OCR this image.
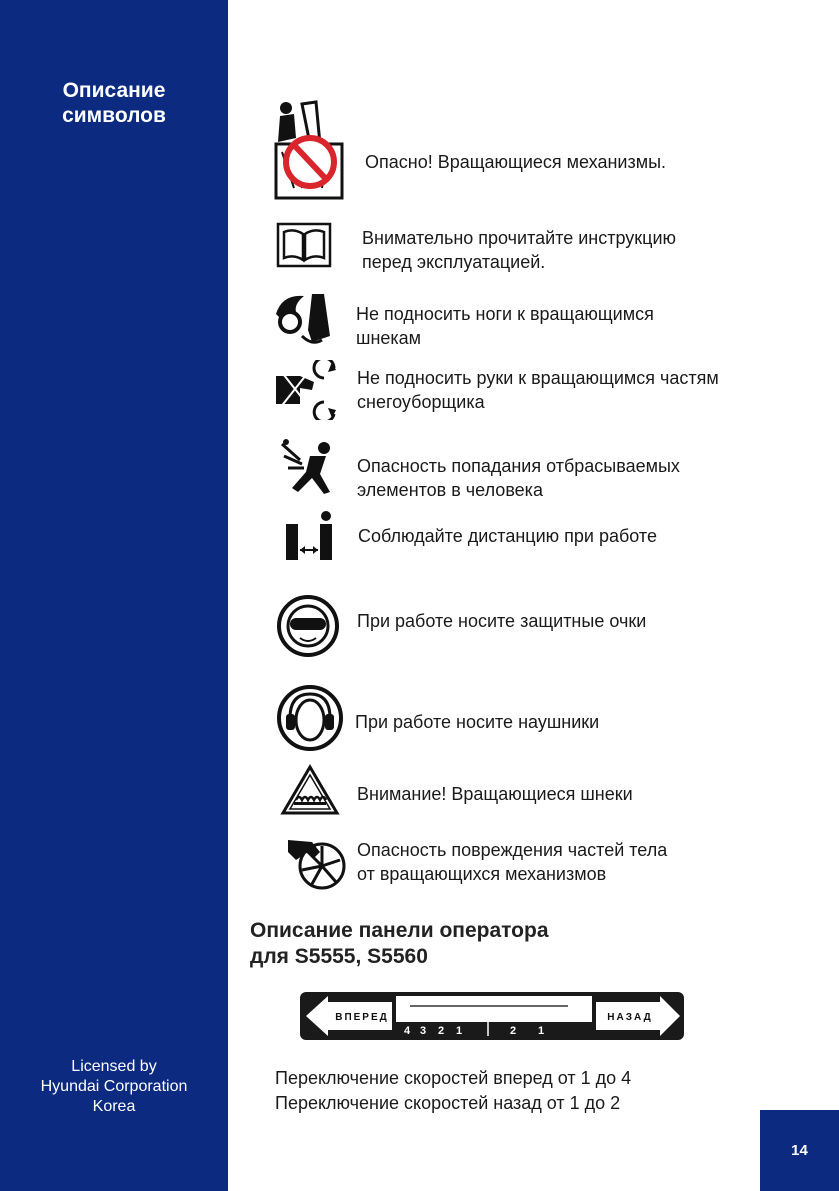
Описание
символов
Licensed by
Hyundai Corporation
Korea
Опасно! Вращающиеся механизмы.
Внимательно прочитайте инструкцию
перед эксплуатацией.
Не подносить ноги к вращающимся
шнекам
Не подносить руки к вращающимся частям
снегоуборщика
Опасность попадания отбрасываемых
элементов в человека
Соблюдайте дистанцию при работе
При работе носите защитные очки
При работе носите наушники
Внимание! Вращающиеся шнеки
Опасность повреждения частей тела
от вращающихся механизмов
Описание панели оператора
для S5555, S5560
ВПЕРЕД	НАЗАД
4 3 2 1	2 1
Переключение скоростей вперед от 1 до 4
Переключение скоростей назад от 1 до 2
14
